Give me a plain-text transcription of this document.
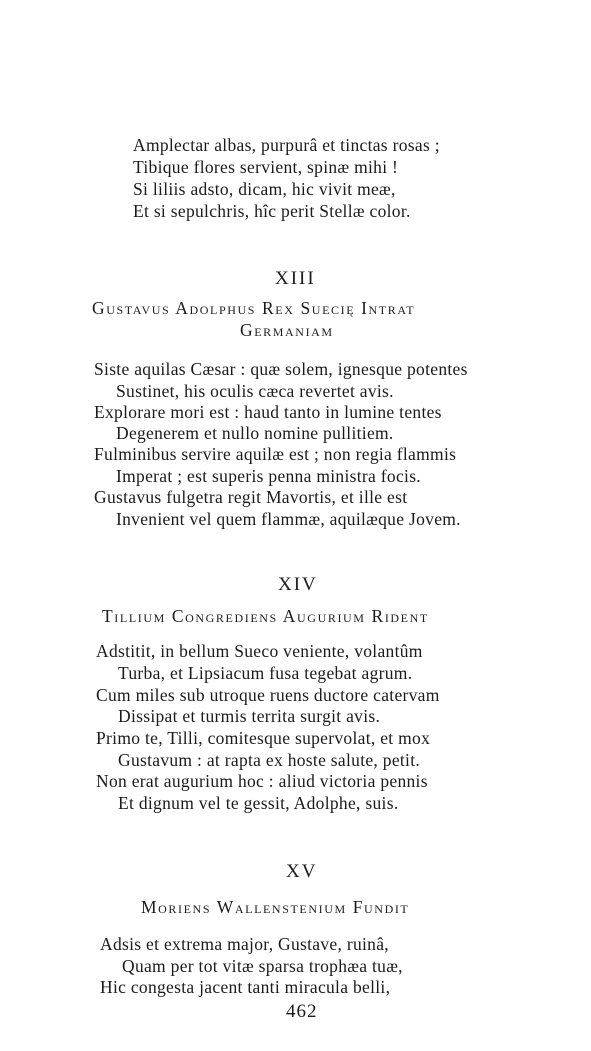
Amplectar albas, purpurâ et tinctas rosas ;
Tibique flores servient, spinæ mihi !
Si liliis adsto, dicam, hic vivit meæ,
Et si sepulchris, hîc perit Stellæ color.
XIII
Gustavus Adolphus Rex Suecię Intrat
Germaniam
Siste aquilas Cæsar : quæ solem, ignesque potentes
Sustinet, his oculis cæca revertet avis.
Explorare mori est : haud tanto in lumine tentes
Degenerem et nullo nomine pullitiem.
Fulminibus servire aquilæ est ; non regia flammis
Imperat ; est superis penna ministra focis.
Gustavus fulgetra regit Mavortis, et ille est
Invenient vel quem flammæ, aquilæque Jovem.
XIV
Tillium Congrediens Augurium Rident
Adstitit, in bellum Sueco veniente, volantûm
Turba, et Lipsiacum fusa tegebat agrum.
Cum miles sub utroque ruens ductore catervam
Dissipat et turmis territa surgit avis.
Primo te, Tilli, comitesque supervolat, et mox
Gustavum : at rapta ex hoste salute, petit.
Non erat augurium hoc : aliud victoria pennis
Et dignum vel te gessit, Adolphe, suis.
XV
Moriens Wallenstenium Fundit
Adsis et extrema major, Gustave, ruinâ,
Quam per tot vitæ sparsa trophæa tuæ,
Hic congesta jacent tanti miracula belli,
462
